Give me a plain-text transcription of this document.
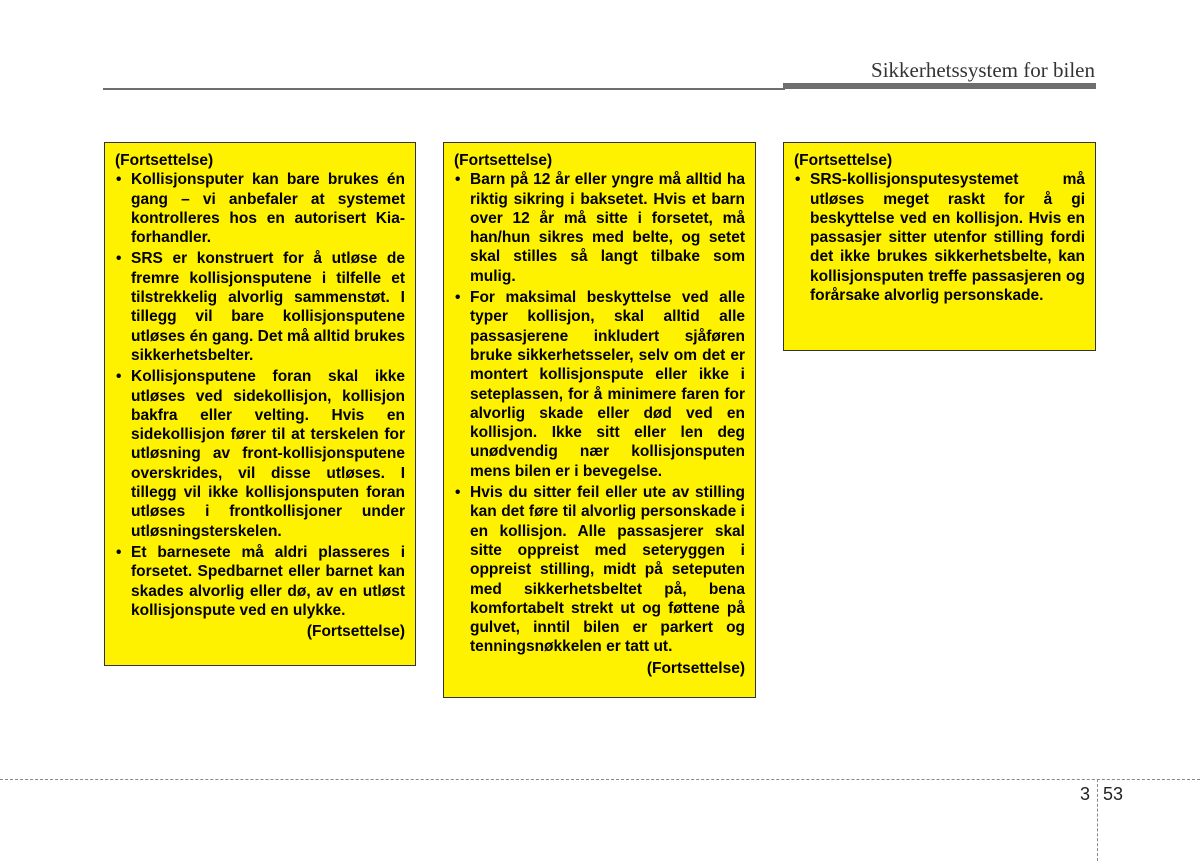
Sikkerhetssystem for bilen
(Fortsettelse)
• Kollisjonsputer kan bare brukes én gang – vi anbefaler at systemet kontrolleres hos en autorisert Kia-forhandler.
• SRS er konstruert for å utløse de fremre kollisjonsputene i tilfelle et tilstrekkelig alvorlig sammenstøt. I tillegg vil bare kollisjonsputene utløses én gang. Det må alltid brukes sikkerhetsbelter.
• Kollisjonsputene foran skal ikke utløses ved sidekollisjon, kollisjon bakfra eller velting. Hvis en sidekollisjon fører til at terskelen for utløsning av front-kollisjonsputene overskrides, vil disse utløses. I tillegg vil ikke kollisjonsputen foran utløses i frontkollisjoner under utløsningsterskelen.
• Et barnesete må aldri plasseres i forsetet. Spedbarnet eller barnet kan skades alvorlig eller dø, av en utløst kollisjonspute ved en ulykke.
(Fortsettelse)
(Fortsettelse)
• Barn på 12 år eller yngre må alltid ha riktig sikring i baksetet. Hvis et barn over 12 år må sitte i forsetet, må han/hun sikres med belte, og setet skal stilles så langt tilbake som mulig.
• For maksimal beskyttelse ved alle typer kollisjon, skal alltid alle passasjerene inkludert sjåføren bruke sikkerhetsseler, selv om det er montert kollisjonspute eller ikke i seteplassen, for å minimere faren for alvorlig skade eller død ved en kollisjon. Ikke sitt eller len deg unødvendig nær kollisjonsputen mens bilen er i bevegelse.
• Hvis du sitter feil eller ute av stilling kan det føre til alvorlig personskade i en kollisjon. Alle passasjerer skal sitte oppreist med seteryggen i oppreist stilling, midt på seteputen med sikkerhetsbeltet på, bena komfortabelt strekt ut og føttene på gulvet, inntil bilen er parkert og tenningsnøkkelen er tatt ut.
(Fortsettelse)
(Fortsettelse)
• SRS-kollisjonsputesystemet må utløses meget raskt for å gi beskyttelse ved en kollisjon. Hvis en passasjer sitter utenfor stilling fordi det ikke brukes sikkerhetsbelte, kan kollisjonsputen treffe passasjeren og forårsake alvorlig personskade.
3 53
